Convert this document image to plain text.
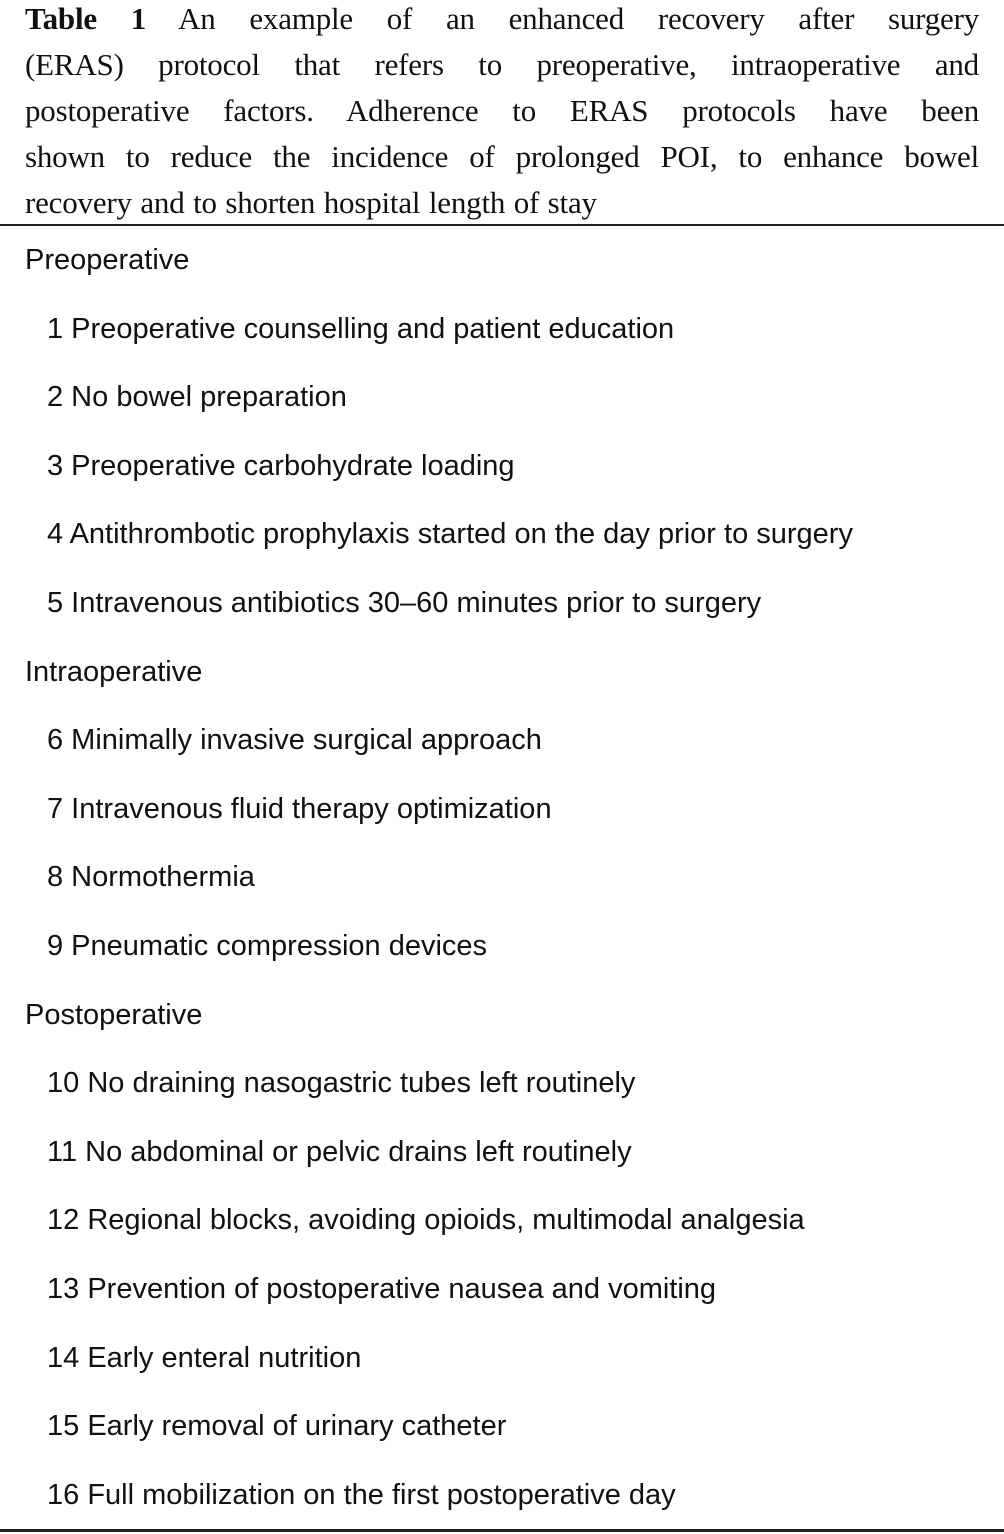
Table 1 An example of an enhanced recovery after surgery
(ERAS) protocol that refers to preoperative, intraoperative and
postoperative factors. Adherence to ERAS protocols have been
shown to reduce the incidence of prolonged POI, to enhance bowel
recovery and to shorten hospital length of stay
Preoperative
1 Preoperative counselling and patient education
2 No bowel preparation
3 Preoperative carbohydrate loading
4 Antithrombotic prophylaxis started on the day prior to surgery
5 Intravenous antibiotics 30–60 minutes prior to surgery
Intraoperative
6 Minimally invasive surgical approach
7 Intravenous fluid therapy optimization
8 Normothermia
9 Pneumatic compression devices
Postoperative
10 No draining nasogastric tubes left routinely
11 No abdominal or pelvic drains left routinely
12 Regional blocks, avoiding opioids, multimodal analgesia
13 Prevention of postoperative nausea and vomiting
14 Early enteral nutrition
15 Early removal of urinary catheter
16 Full mobilization on the first postoperative day
